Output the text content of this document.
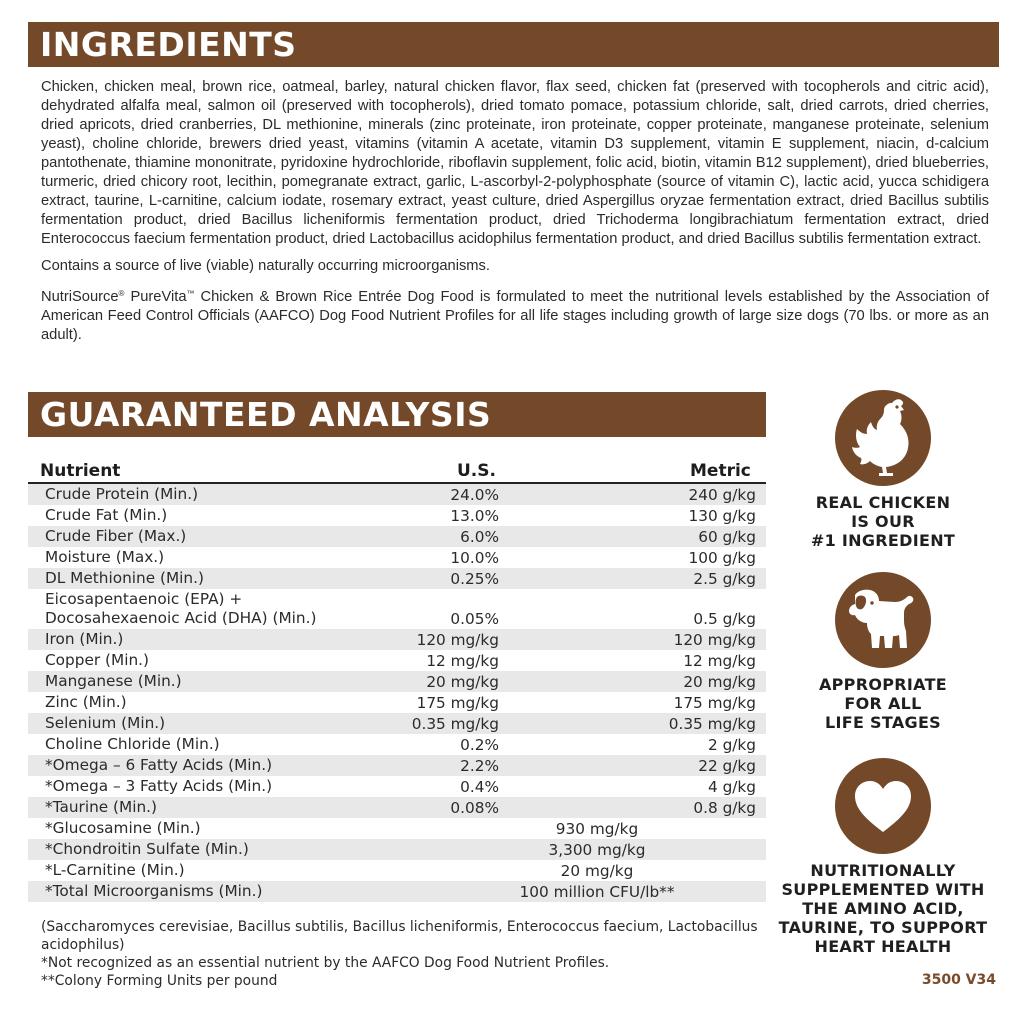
INGREDIENTS

Chicken, chicken meal, brown rice, oatmeal, barley, natural chicken flavor, flax seed, chicken fat (preserved with tocopherols and citric acid), dehydrated alfalfa meal, salmon oil (preserved with tocopherols), dried tomato pomace, potassium chloride, salt, dried carrots, dried cherries, dried apricots, dried cranberries, DL methionine, minerals (zinc proteinate, iron proteinate, copper proteinate, manganese proteinate, selenium yeast), choline chloride, brewers dried yeast, vitamins (vitamin A acetate, vitamin D3 supplement, vitamin E supplement, niacin, d-calcium pantothenate, thiamine mononitrate, pyridoxine hydrochloride, riboflavin supplement, folic acid, biotin, vitamin B12 supplement), dried blueberries, turmeric, dried chicory root, lecithin, pomegranate extract, garlic, L-ascorbyl-2-polyphosphate (source of vitamin C), lactic acid, yucca schidigera extract, taurine, L-carnitine, calcium iodate, rosemary extract, yeast culture, dried Aspergillus oryzae fermentation extract, dried Bacillus subtilis fermentation product, dried Bacillus licheniformis fermentation product, dried Trichoderma longibrachiatum fermentation extract, dried Enterococcus faecium fermentation product, dried Lactobacillus acidophilus fermentation product, and dried Bacillus subtilis fermentation extract.

Contains a source of live (viable) naturally occurring microorganisms.

NutriSource® PureVita™ Chicken & Brown Rice Entrée Dog Food is formulated to meet the nutritional levels established by the Association of American Feed Control Officials (AAFCO) Dog Food Nutrient Profiles for all life stages including growth of large size dogs (70 lbs. or more as an adult).

GUARANTEED ANALYSIS
Nutrient	U.S.	Metric
Crude Protein (Min.)	24.0%	240 g/kg
Crude Fat (Min.)	13.0%	130 g/kg
Crude Fiber (Max.)	6.0%	60 g/kg
Moisture (Max.)	10.0%	100 g/kg
DL Methionine (Min.)	0.25%	2.5 g/kg
Eicosapentaenoic (EPA) +
Docosahexaenoic Acid (DHA) (Min.)	0.05%	0.5 g/kg
Iron (Min.)	120 mg/kg	120 mg/kg
Copper (Min.)	12 mg/kg	12 mg/kg
Manganese (Min.)	20 mg/kg	20 mg/kg
Zinc (Min.)	175 mg/kg	175 mg/kg
Selenium (Min.)	0.35 mg/kg	0.35 mg/kg
Choline Chloride (Min.)	0.2%	2 g/kg
*Omega – 6 Fatty Acids (Min.)	2.2%	22 g/kg
*Omega – 3 Fatty Acids (Min.)	0.4%	4 g/kg
*Taurine (Min.)	0.08%	0.8 g/kg
*Glucosamine (Min.)	930 mg/kg
*Chondroitin Sulfate (Min.)	3,300 mg/kg
*L-Carnitine (Min.)	20 mg/kg
*Total Microorganisms (Min.)	100 million CFU/lb**
(Saccharomyces cerevisiae, Bacillus subtilis, Bacillus licheniformis, Enterococcus faecium, Lactobacillus acidophilus)
*Not recognized as an essential nutrient by the AAFCO Dog Food Nutrient Profiles.
**Colony Forming Units per pound
REAL CHICKEN
IS OUR
#1 INGREDIENT
APPROPRIATE
FOR ALL
LIFE STAGES
NUTRITIONALLY
SUPPLEMENTED WITH
THE AMINO ACID,
TAURINE, TO SUPPORT
HEART HEALTH
3500 V34
